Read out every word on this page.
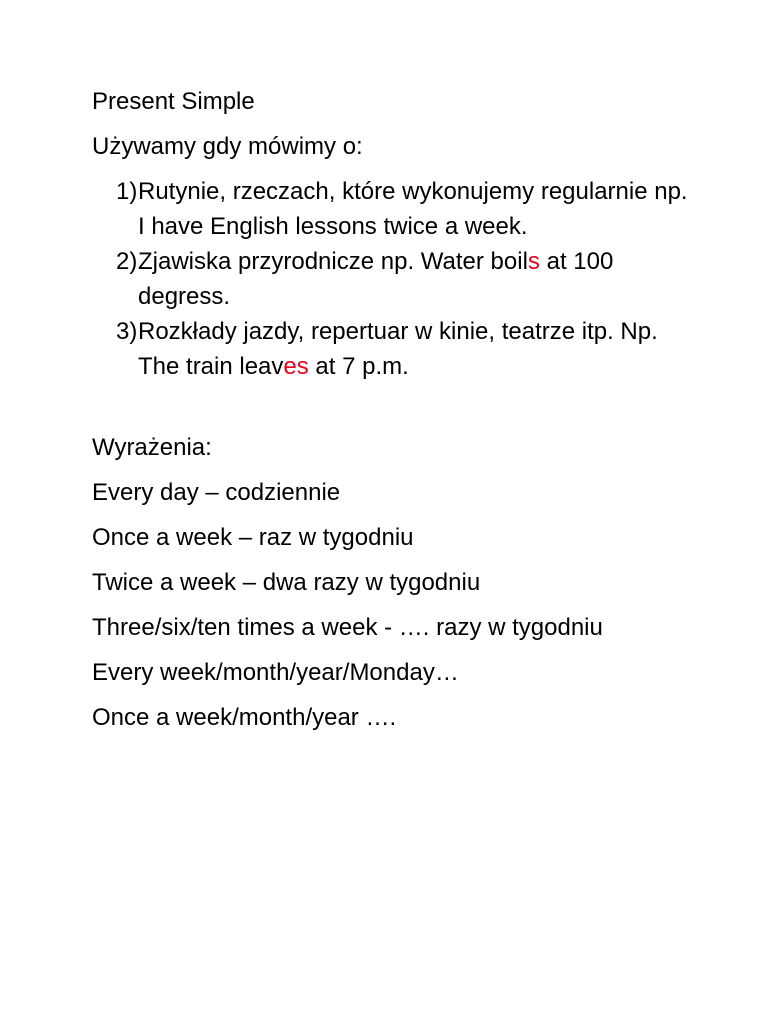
Present Simple

Używamy gdy mówimy o:

1) Rutynie, rzeczach, które wykonujemy regularnie np. I have English lessons twice a week.
2) Zjawiska przyrodnicze np. Water boils at 100 degress.
3) Rozkłady jazdy, repertuar w kinie, teatrze itp. Np. The train leaves at 7 p.m.

Wyrażenia:

Every day – codziennie

Once a week – raz w tygodniu

Twice a week – dwa razy w tygodniu

Three/six/ten times a week - …. razy w tygodniu

Every week/month/year/Monday…

Once a week/month/year ….
